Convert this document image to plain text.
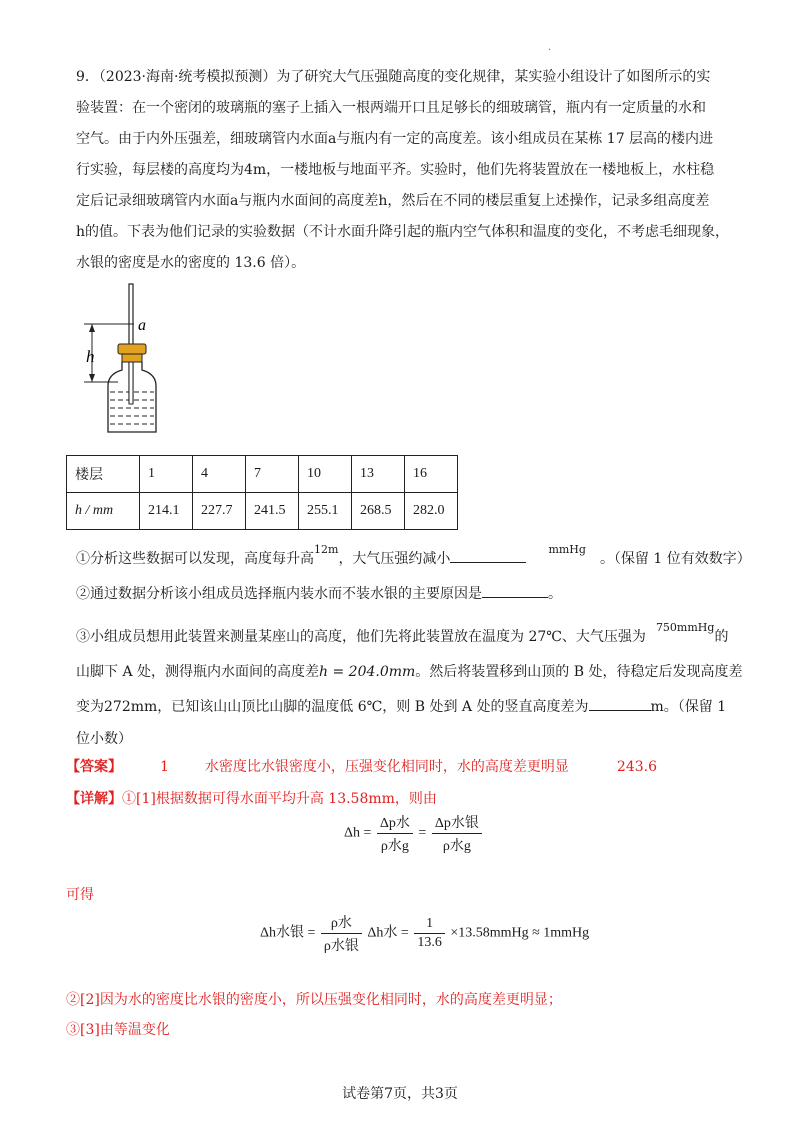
.
9．（2023·海南·统考模拟预测）为了研究大气压强随高度的变化规律，某实验小组设计了如图所示的实
验装置：在一个密闭的玻璃瓶的塞子上插入一根两端开口且足够长的细玻璃管，瓶内有一定质量的水和
空气。由于内外压强差，细玻璃管内水面a与瓶内有一定的高度差。该小组成员在某栋 17 层高的楼内进
行实验，每层楼的高度均为4m，一楼地板与地面平齐。实验时，他们先将装置放在一楼地板上，水柱稳
定后记录细玻璃管内水面a与瓶内水面间的高度差h，然后在不同的楼层重复上述操作，记录多组高度差
h的值。下表为他们记录的实验数据（不计水面升降引起的瓶内空气体积和温度的变化，不考虑毛细现象，
水银的密度是水的密度的 13.6 倍）。
a
h
楼层	1	4	7	10	13	16
h / mm	214.1	227.7	241.5	255.1	268.5	282.0
①分析这些数据可以发现，高度每升高$^{12m}$，大气压强约减小$^{mmHg}$。（保留 1 位有效数字）
②通过数据分析该小组成员选择瓶内装水而不装水银的主要原因是	。
③小组成员想用此装置来测量某座山的高度，他们先将此装置放在温度为 27℃、大气压强为$^{750mmHg}$的
山脚下 A 处，测得瓶内水面间的高度差h = 204.0mm。然后将装置移到山顶的 B 处，待稳定后发现高度差
变为272mm，已知该山山顶比山脚的温度低 6℃，则 B 处到 A 处的竖直高度差为	m。（保留 1
位小数）
【答案】	1	水密度比水银密度小，压强变化相同时，水的高度差更明显	243.6
【详解】①[1]根据数据可得水面平均升高 13.58mm，则由
$\Delta h = \frac{\text{Δp水}}{\text{ρ水g}} = \frac{\text{Δp水银}}{\text{ρ水g}}$
可得
Δh水银 = $\frac{\text{ρ水}}{\text{ρ水银}}$ Δh水 = $\frac{1}{13.6}$ ×13.58mmHg ≈ 1mmHg
②[2]因为水的密度比水银的密度小，所以压强变化相同时，水的高度差更明显；
③[3]由等温变化
试卷第7页，共3页
